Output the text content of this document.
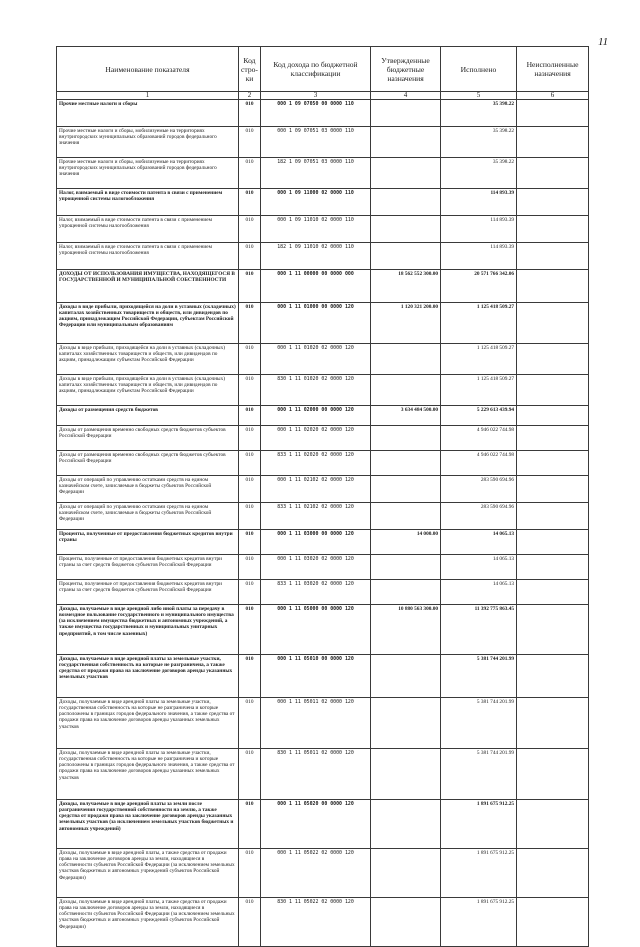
11
Наименование показателя	Код стро- ки	Код дохода по бюджетной классификации	Утвержденные бюджетные назначения	Исполнено	Неисполненные назначения
1	2	3	4	5	6
Прочие местные налоги и сборы	010	000 1 09 07050 00 0000 110		35 398.22	
Прочие местные налоги и сборы, мобилизуемые на территориях внутригородских муниципальных образований городов федерального значения	010	000 1 09 07051 03 0000 110		35 398.22	
Прочие местные налоги и сборы, мобилизуемые на территориях внутригородских муниципальных образований городов федерального значения	010	182 1 09 07051 03 0000 110		35 398.22	
Налог, взимаемый в виде стоимости патента в связи с применением упрощенной системы налогообложения	010	000 1 09 11000 02 0000 110		114 893.39	
Налог, взимаемый в виде стоимости патента в связи с применением упрощенной системы налогообложения	010	000 1 09 11010 02 0000 110		114 893.39	
Налог, взимаемый в виде стоимости патента в связи с применением упрощенной системы налогообложения	010	182 1 09 11010 02 0000 110		114 893.39	
ДОХОДЫ ОТ ИСПОЛЬЗОВАНИЯ ИМУЩЕСТВА, НАХОДЯЩЕГОСЯ В ГОСУДАРСТВЕННОЙ И МУНИЦИПАЛЬНОЙ СОБСТВЕННОСТИ	010	000 1 11 00000 00 0000 000	18 562 552 300.00	20 571 766 342.06	
Доходы в виде прибыли, приходящейся на доли в уставных (складочных) капиталах хозяйственных товариществ и обществ, или дивидендов по акциям, принадлежащим Российской Федерации, субъектам Российской Федерации или муниципальным образованиям	010	000 1 11 01000 00 0000 120	1 120 321 200.00	1 125 418 509.27	
Доходы в виде прибыли, приходящейся на доли в уставных (складочных) капиталах хозяйственных товариществ и обществ, или дивидендов по акциям, принадлежащим субъектам Российской Федерации	010	000 1 11 01020 02 0000 120		1 125 418 509.27	
Доходы в виде прибыли, приходящейся на доли в уставных (складочных) капиталах хозяйственных товариществ и обществ, или дивидендов по акциям, принадлежащим субъектам Российской Федерации	010	830 1 11 01020 02 0000 120		1 125 418 509.27	
Доходы от размещения средств бюджетов	010	000 1 11 02000 00 0000 120	3 634 484 500.00	5 229 613 439.94	
Доходы от размещения временно свободных средств бюджетов субъектов Российской Федерации	010	000 1 11 02020 02 0000 120		4 946 022 744.98	
Доходы от размещения временно свободных средств бюджетов субъектов Российской Федерации	010	833 1 11 02020 02 0000 120		4 946 022 744.98	
Доходы от операций по управлению остатками средств на едином казначейском счете, зачисляемые в бюджеты субъектов Российской Федерации	010	000 1 11 02102 02 0000 120		283 590 694.96	
Доходы от операций по управлению остатками средств на едином казначейском счете, зачисляемые в бюджеты субъектов Российской Федерации	010	833 1 11 02102 02 0000 120		283 590 694.96	
Проценты, полученные от предоставления бюджетных кредитов внутри страны	010	000 1 11 03000 00 0000 120	14 000.00	14 065.13	
Проценты, полученные от предоставления бюджетных кредитов внутри страны за счет средств бюджетов субъектов Российской Федерации	010	000 1 11 03020 02 0000 120		14 065.13	
Проценты, полученные от предоставления бюджетных кредитов внутри страны за счет средств бюджетов субъектов Российской Федерации	010	833 1 11 03020 02 0000 120		14 065.13	
Доходы, получаемые в виде арендной либо иной платы за передачу в возмездное пользование государственного и муниципального имущества (за исключением имущества бюджетных и автономных учреждений, а также имущества государственных и муниципальных унитарных предприятий, в том числе казенных)	010	000 1 11 05000 00 0000 120	10 880 563 300.00	11 392 775 863.45	
Доходы, получаемые в виде арендной платы за земельные участки, государственная собственность на которые не разграничена, а также средства от продажи права на заключение договоров аренды указанных земельных участков	010	000 1 11 05010 00 0000 120		5 381 744 201.99	
Доходы, получаемые в виде арендной платы за земельные участки, государственная собственность на которые не разграничена и которые расположены в границах городов федерального значения, а также средства от продажи права на заключение договоров аренды указанных земельных участков	010	000 1 11 05011 02 0000 120		5 381 744 201.99	
Доходы, получаемые в виде арендной платы за земельные участки, государственная собственность на которые не разграничена и которые расположены в границах городов федерального значения, а также средства от продажи права на заключение договоров аренды указанных земельных участков	010	830 1 11 05011 02 0000 120		5 381 744 201.99	
Доходы, получаемые в виде арендной платы за земли после разграничения государственной собственности на землю, а также средства от продажи права на заключение договоров аренды указанных земельных участков (за исключением земельных участков бюджетных и автономных учреждений)	010	000 1 11 05020 00 0000 120		1 891 675 912.25	
Доходы, получаемые в виде арендной платы, а также средства от продажи права на заключение договоров аренды за земли, находящиеся в собственности субъектов Российской Федерации (за исключением земельных участков бюджетных и автономных учреждений субъектов Российской Федерации)	010	000 1 11 05022 02 0000 120		1 891 675 912.25	
Доходы, получаемые в виде арендной платы, а также средства от продажи права на заключение договоров аренды за земли, находящиеся в собственности субъектов Российской Федерации (за исключением земельных участков бюджетных и автономных учреждений субъектов Российской Федерации)	010	830 1 11 05022 02 0000 120		1 891 675 912.25	
